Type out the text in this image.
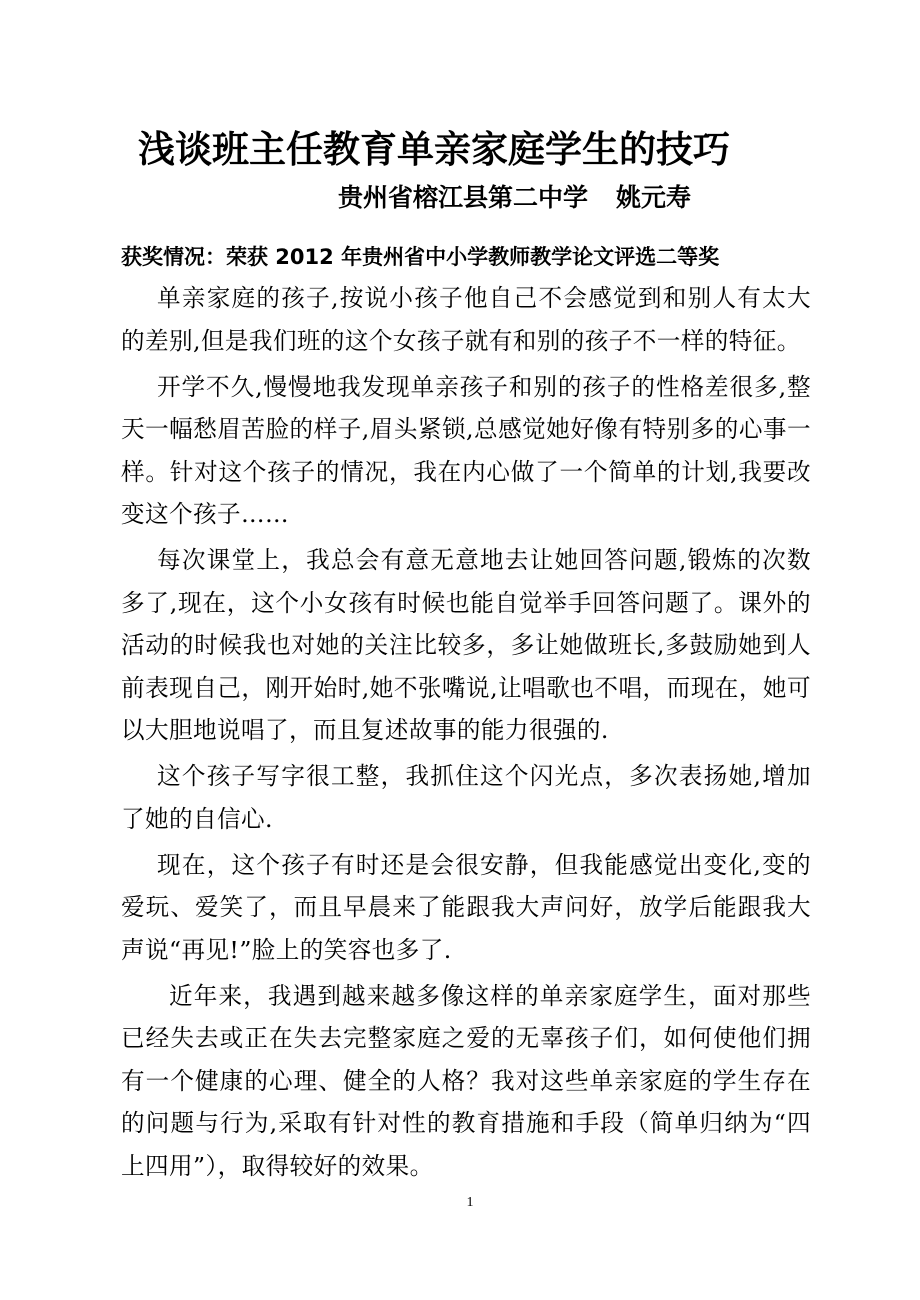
浅谈班主任教育单亲家庭学生的技巧
贵州省榕江县第二中学 姚元寿
获奖情况：荣获 2012 年贵州省中小学教师教学论文评选二等奖

单亲家庭的孩子,按说小孩子他自己不会感觉到和别人有太大的差别,但是我们班的这个女孩子就有和别的孩子不一样的特征。

开学不久,慢慢地我发现单亲孩子和别的孩子的性格差很多,整天一幅愁眉苦脸的样子,眉头紧锁,总感觉她好像有特别多的心事一样。针对这个孩子的情况，我在内心做了一个简单的计划,我要改变这个孩子……

每次课堂上，我总会有意无意地去让她回答问题,锻炼的次数多了,现在，这个小女孩有时候也能自觉举手回答问题了。课外的活动的时候我也对她的关注比较多，多让她做班长,多鼓励她到人前表现自己，刚开始时,她不张嘴说,让唱歌也不唱，而现在，她可以大胆地说唱了，而且复述故事的能力很强的.

这个孩子写字很工整，我抓住这个闪光点，多次表扬她,增加了她的自信心.

现在，这个孩子有时还是会很安静，但我能感觉出变化,变的爱玩、爱笑了，而且早晨来了能跟我大声问好，放学后能跟我大声说“再见!”脸上的笑容也多了.

近年来，我遇到越来越多像这样的单亲家庭学生，面对那些已经失去或正在失去完整家庭之爱的无辜孩子们，如何使他们拥有一个健康的心理、健全的人格？我对这些单亲家庭的学生存在的问题与行为,采取有针对性的教育措施和手段（简单归纳为“四上四用”），取得较好的效果。

1
